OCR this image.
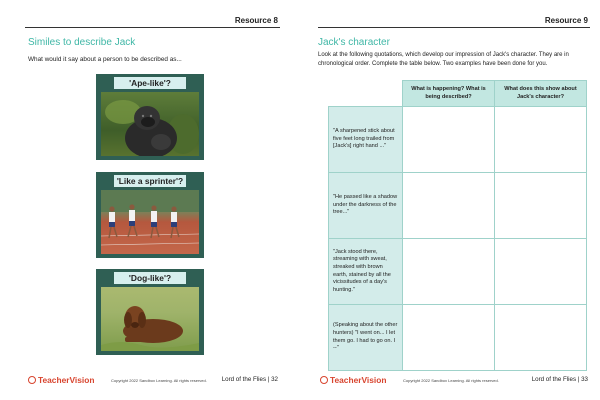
Resource 8
Similes to describe Jack
What would it say about a person to be described as...
'Ape-like'?
'Like a sprinter'?
'Dog-like'?
TeacherVision	Copyright 2022 Sandbox Learning. All rights reserved. Lord of the Flies | 32
Resource 9
Jack's character
Look at the following quotations, which develop our impression of Jack's character. They are in chronological order. Complete the table below. Two examples have been done for you.
	What is happening? What is being described?	What does this show about Jack's character?
"A sharpened stick about five feet long trailed from [Jack's] right hand ..."		
"He passed like a shadow under the darkness of the tree..."		
"Jack stood there, streaming with sweat, streaked with brown earth, stained by all the vicissitudes of a day's hunting."		
(Speaking about the other hunters) "I went on... I let them go. I had to go on. I --"		
TeacherVision	Copyright 2022 Sandbox Learning. All rights reserved.	Lord of the Flies | 33
